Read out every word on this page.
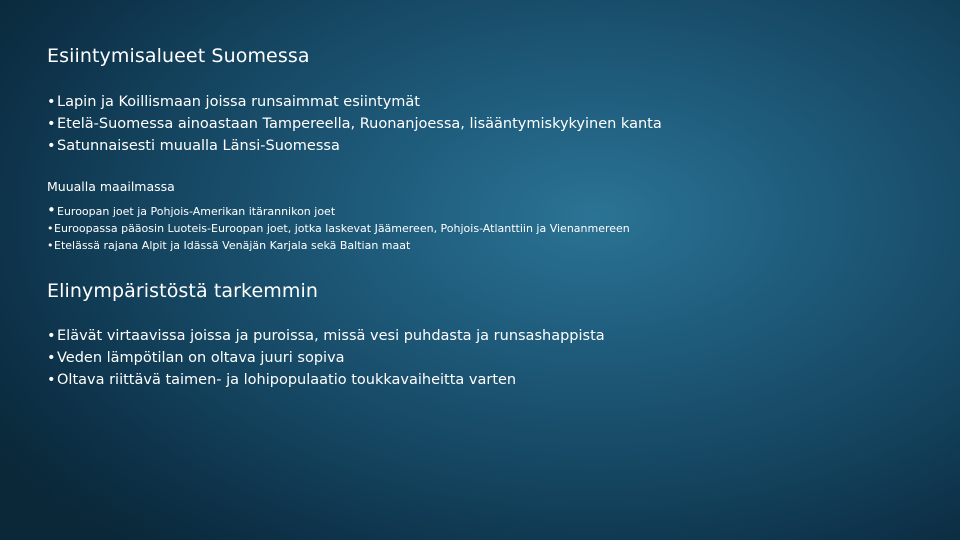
Esiintymisalueet Suomessa
•Lapin ja Koillismaan joissa runsaimmat esiintymät
•Etelä-Suomessa ainoastaan Tampereella, Ruonanjoessa, lisääntymiskykyinen kanta
•Satunnaisesti muualla Länsi-Suomessa
Muualla maailmassa
•Euroopan joet ja Pohjois-Amerikan itärannikon joet
•Euroopassa pääosin Luoteis-Euroopan joet, jotka laskevat Jäämereen, Pohjois-Atlanttiin ja Vienanmereen
•Etelässä rajana Alpit ja Idässä Venäjän Karjala sekä Baltian maat
Elinympäristöstä tarkemmin
•Elävät virtaavissa joissa ja puroissa, missä vesi puhdasta ja runsashappista
•Veden lämpötilan on oltava juuri sopiva
•Oltava riittävä taimen- ja lohipopulaatio toukkavaiheitta varten
